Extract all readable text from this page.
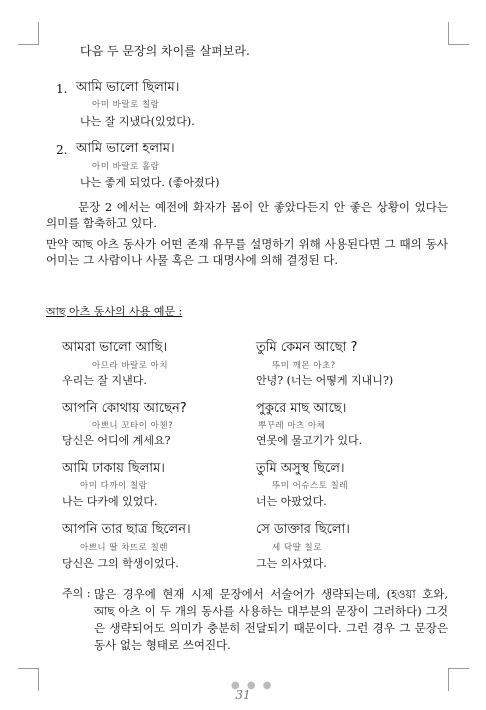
다음 두 문장의 차이를 살펴보라.
1. আমি ভালো ছিলাম।
아미 바랄로 칠람
나는 잘 지냈다(있었다).
2. আমি ভালো হলাম।
아미 바랄로 홀람
나는 좋게 되었다. (좋아졌다)
문장 2 에서는 예전에 화자가 몸이 안 좋았다든지 안 좋은 상황이 었다는 의미를 함축하고 있다.
만약 আছ 아츠 동사가 어떤 존재 유무를 설명하기 위해 사용된다면 그 때의 동사 어미는 그 사람이나 사물 혹은 그 대명사에 의해 결정된 다.
আছ 아츠 동사의 사용 예문 :
আমরা ভালো আছি।
아므라 바랄로 아치
우리는 잘 지낸다.
তুমি কেমন আছো ?
뚜미 깨몬 아초?
안녕? (너는 어떻게 지내니?)
আপনি কোথায় আছেন?
아쁘니 꼬타이 아첸?
당신은 어디에 계세요?
পুকুরে মাছ আছে।
뿌꾸레 마츠 아체
연못에 물고기가 있다.
আমি ঢাকায় ছিলাম।
아미 다까이 칠람
나는 다카에 있었다.
তুমি অসুস্থ ছিলে।
뚜미 어슈스토 칠레
너는 아팠었다.
আপনি তার ছাত্র ছিলেন।
아쁘니 딸 차뜨로 칠렌
당신은 그의 학생이었다.
সে ডাক্তার ছিলো।
세 닥땰 칠로
그는 의사였다.
주의 : 많은 경우에 현재 시제 문장에서 서술어가 생략되는데, (হওয়া 호와, আছ 아츠 이 두 개의 동사를 사용하는 대부분의 문장이 그러하다) 그것은 생략되어도 의미가 충분히 전달되기 때문이다. 그런 경우 그 문장은 동사 없는 형태로 쓰여진다.
● ● ●
31
